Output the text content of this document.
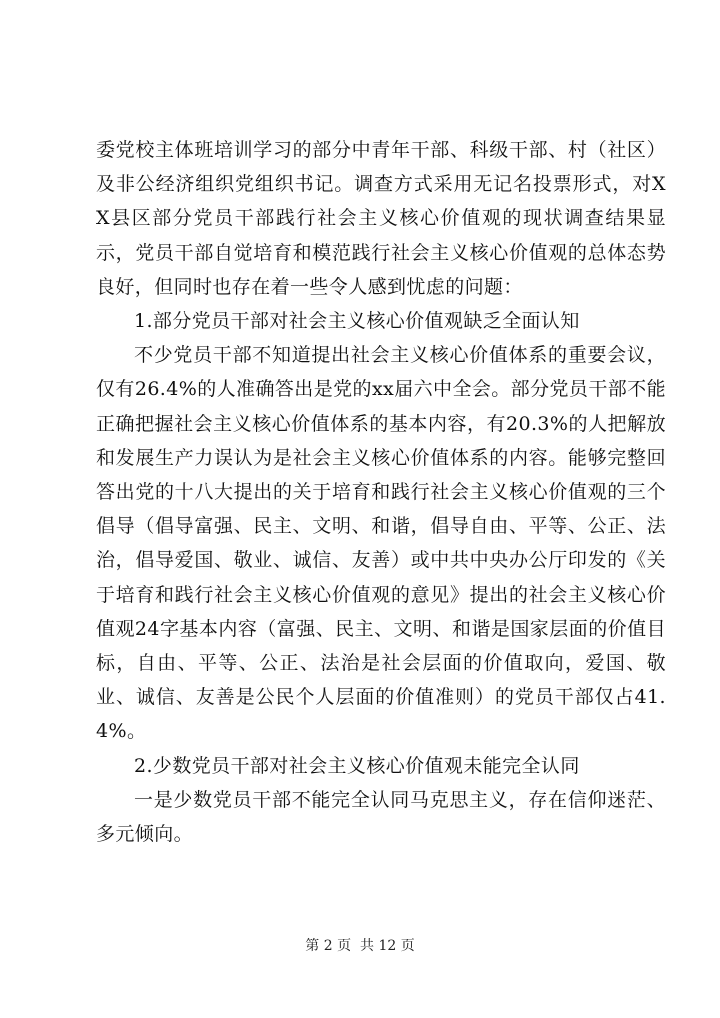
委党校主体班培训学习的部分中青年干部、科级干部、村（社区）及非公经济组织党组织书记。调查方式采用无记名投票形式，对XX县区部分党员干部践行社会主义核心价值观的现状调查结果显示，党员干部自觉培育和模范践行社会主义核心价值观的总体态势良好，但同时也存在着一些令人感到忧虑的问题：

1.部分党员干部对社会主义核心价值观缺乏全面认知

不少党员干部不知道提出社会主义核心价值体系的重要会议，仅有26.4%的人准确答出是党的xx届六中全会。部分党员干部不能正确把握社会主义核心价值体系的基本内容，有20.3%的人把解放和发展生产力误认为是社会主义核心价值体系的内容。能够完整回答出党的十八大提出的关于培育和践行社会主义核心价值观的三个倡导（倡导富强、民主、文明、和谐，倡导自由、平等、公正、法治，倡导爱国、敬业、诚信、友善）或中共中央办公厅印发的《关于培育和践行社会主义核心价值观的意见》提出的社会主义核心价值观24字基本内容（富强、民主、文明、和谐是国家层面的价值目标，自由、平等、公正、法治是社会层面的价值取向，爱国、敬业、诚信、友善是公民个人层面的价值准则）的党员干部仅占41.4%。

2.少数党员干部对社会主义核心价值观未能完全认同

一是少数党员干部不能完全认同马克思主义，存在信仰迷茫、多元倾向。

第 2 页  共 12 页
